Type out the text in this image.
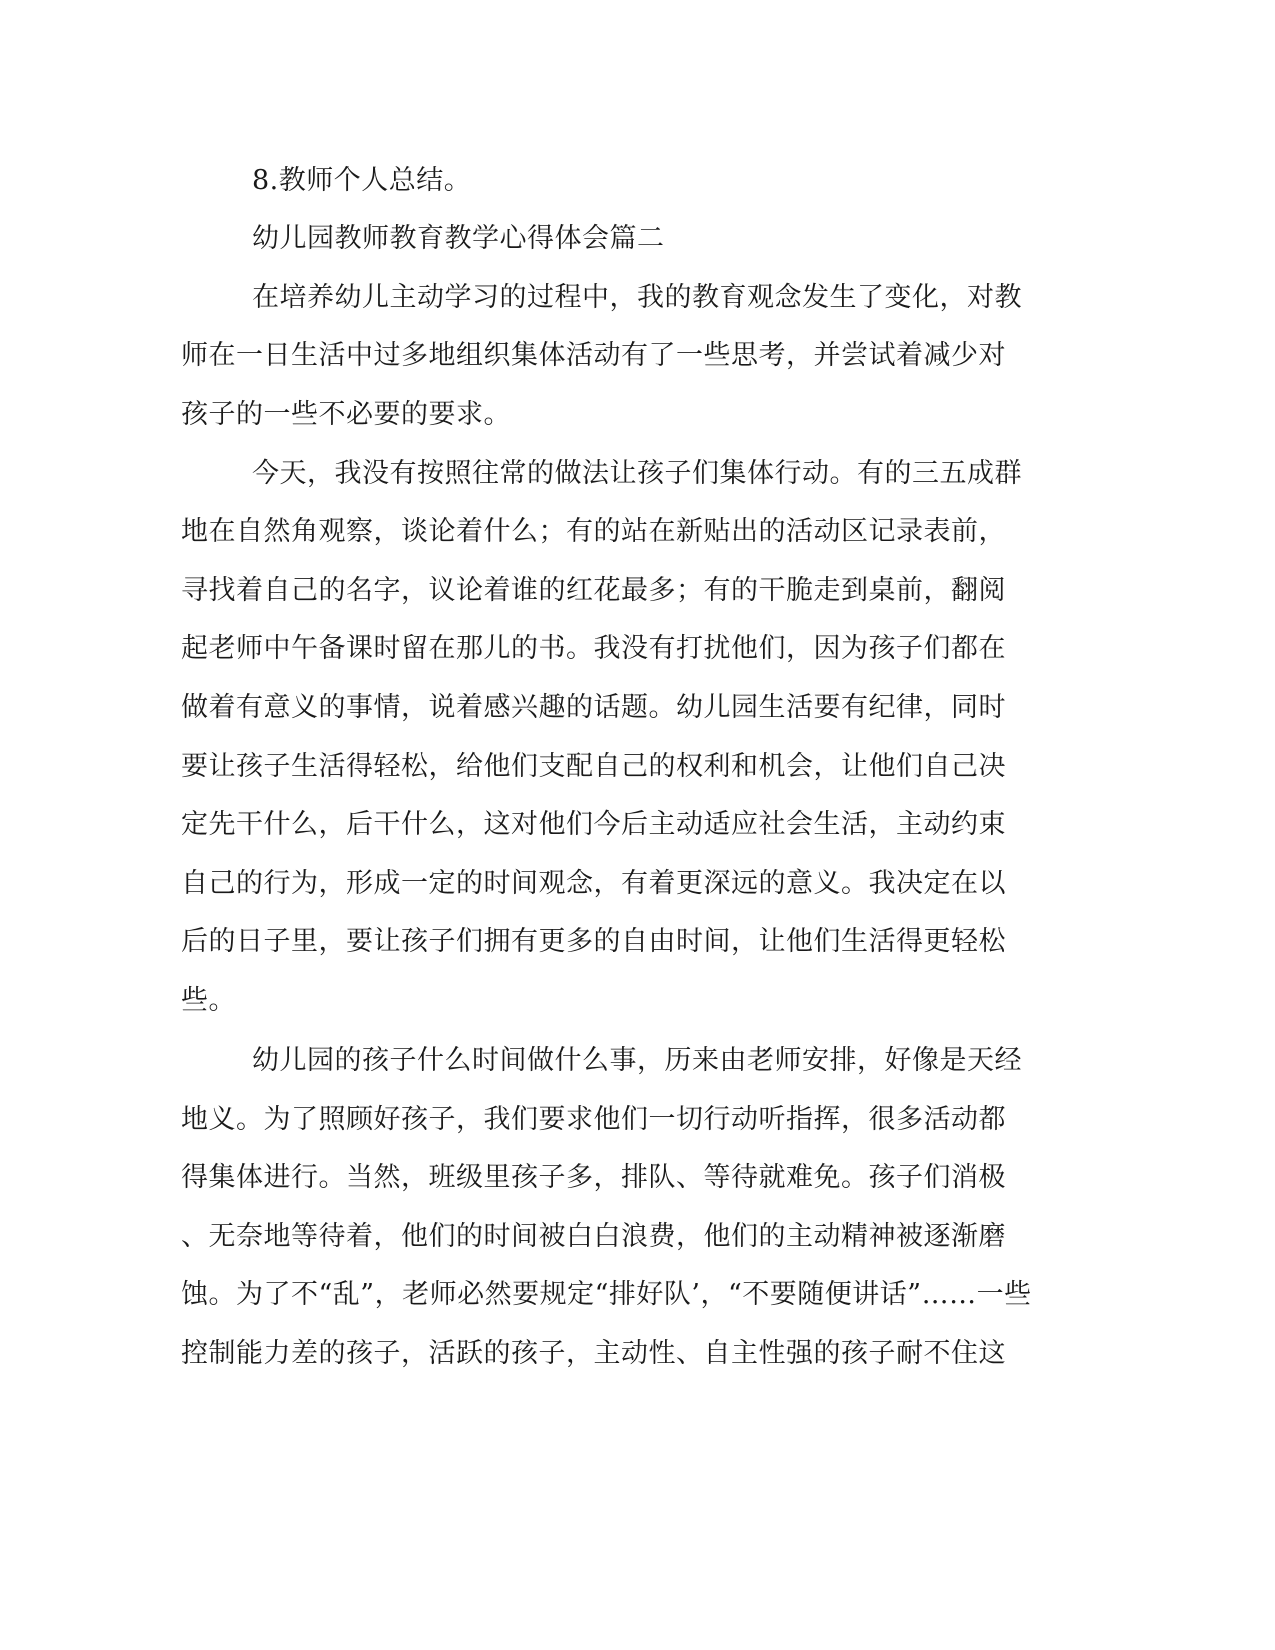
8.教师个人总结。
幼儿园教师教育教学心得体会篇二
在培养幼儿主动学习的过程中，我的教育观念发生了变化，对教
师在一日生活中过多地组织集体活动有了一些思考，并尝试着减少对
孩子的一些不必要的要求。
今天，我没有按照往常的做法让孩子们集体行动。有的三五成群
地在自然角观察，谈论着什么；有的站在新贴出的活动区记录表前，
寻找着自己的名字，议论着谁的红花最多；有的干脆走到桌前，翻阅
起老师中午备课时留在那儿的书。我没有打扰他们，因为孩子们都在
做着有意义的事情，说着感兴趣的话题。幼儿园生活要有纪律，同时
要让孩子生活得轻松，给他们支配自己的权利和机会，让他们自己决
定先干什么，后干什么，这对他们今后主动适应社会生活，主动约束
自己的行为，形成一定的时间观念，有着更深远的意义。我决定在以
后的日子里，要让孩子们拥有更多的自由时间，让他们生活得更轻松
些。
幼儿园的孩子什么时间做什么事，历来由老师安排，好像是天经
地义。为了照顾好孩子，我们要求他们一切行动听指挥，很多活动都
得集体进行。当然，班级里孩子多，排队、等待就难免。孩子们消极
、无奈地等待着，他们的时间被白白浪费，他们的主动精神被逐渐磨
蚀。为了不“乱”，老师必然要规定“排好队’，“不要随便讲话”……一些
控制能力差的孩子，活跃的孩子，主动性、自主性强的孩子耐不住这
